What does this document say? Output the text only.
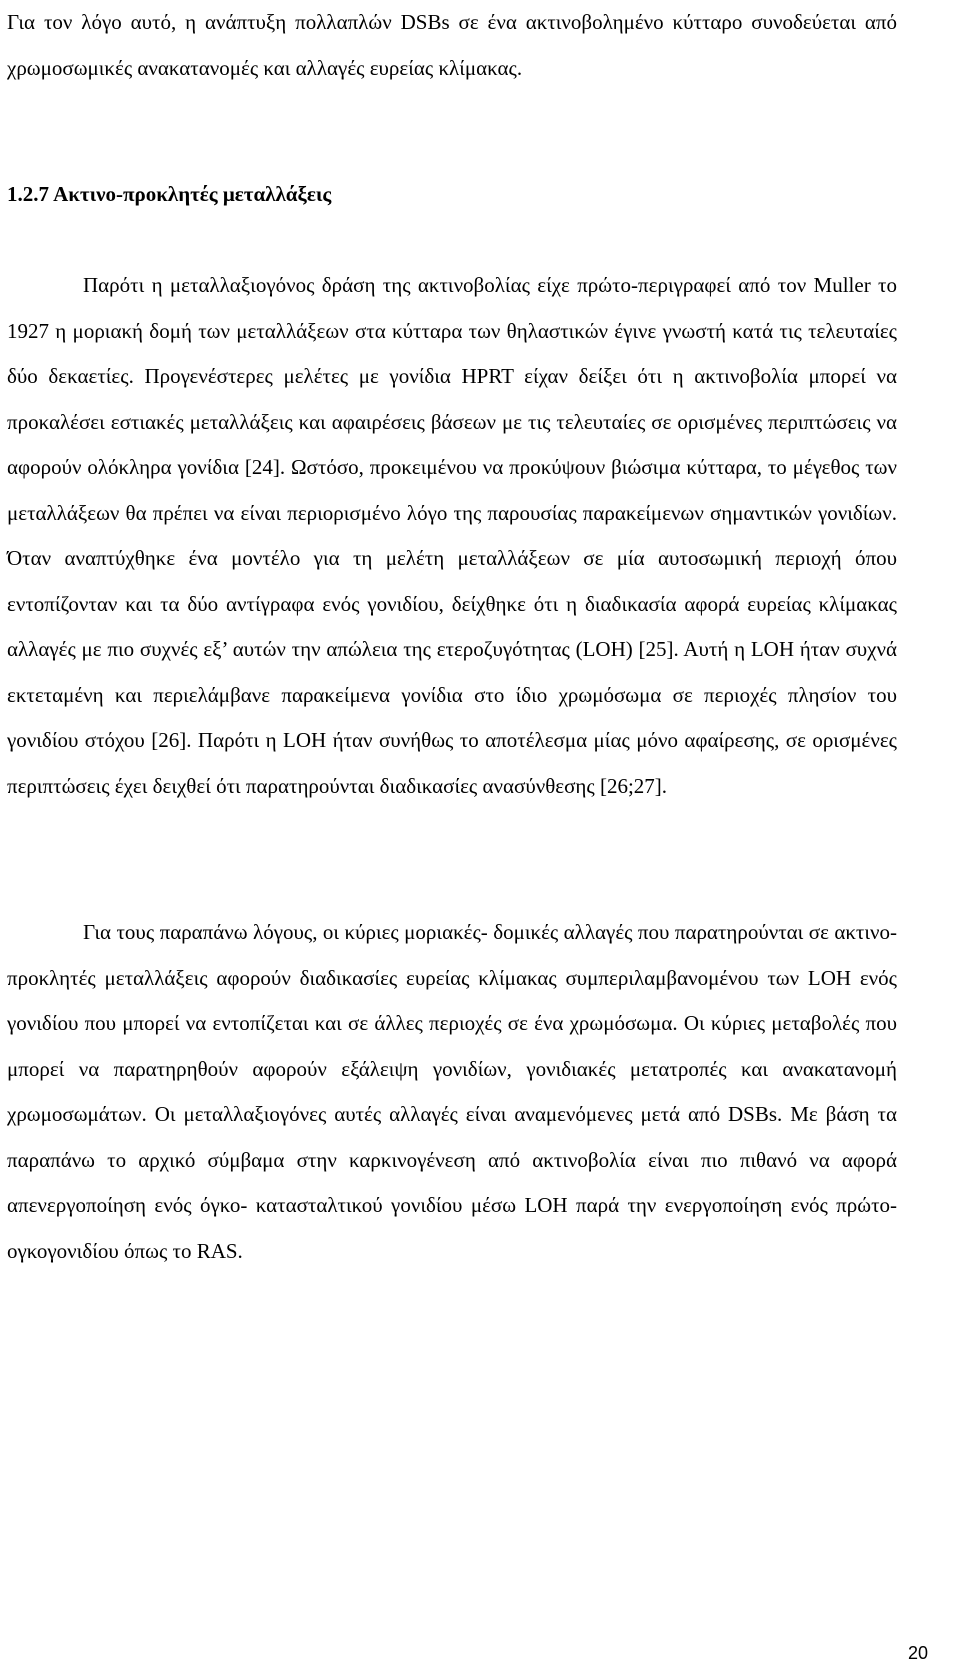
Για τον λόγο αυτό, η ανάπτυξη πολλαπλών DSBs σε ένα ακτινοβολημένο κύτταρο συνοδεύεται από χρωμοσωμικές ανακατανομές και αλλαγές ευρείας κλίμακας.

1.2.7 Ακτινο-προκλητές μεταλλάξεις

Παρότι η μεταλλαξιογόνος δράση της ακτινοβολίας είχε πρώτο-περιγραφεί από τον Muller το 1927 η μοριακή δομή των μεταλλάξεων στα κύτταρα των θηλαστικών έγινε γνωστή κατά τις τελευταίες δύο δεκαετίες. Προγενέστερες μελέτες με γονίδια HPRT είχαν δείξει ότι η ακτινοβολία μπορεί να προκαλέσει εστιακές μεταλλάξεις και αφαιρέσεις βάσεων με τις τελευταίες σε ορισμένες περιπτώσεις να αφορούν ολόκληρα γονίδια [24]. Ωστόσο, προκειμένου να προκύψουν βιώσιμα κύτταρα, το μέγεθος των μεταλλάξεων θα πρέπει να είναι περιορισμένο λόγο της παρουσίας παρακείμενων σημαντικών γονιδίων. Όταν αναπτύχθηκε ένα μοντέλο για τη μελέτη μεταλλάξεων σε μία αυτοσωμική περιοχή όπου εντοπίζονταν και τα δύο αντίγραφα ενός γονιδίου, δείχθηκε ότι η διαδικασία αφορά ευρείας κλίμακας αλλαγές με πιο συχνές εξ’ αυτών την απώλεια της ετεροζυγότητας (LOH) [25]. Αυτή η LOH ήταν συχνά εκτεταμένη και περιελάμβανε παρακείμενα γονίδια στο ίδιο χρωμόσωμα σε περιοχές πλησίον του γονιδίου στόχου [26]. Παρότι η LOH ήταν συνήθως το αποτέλεσμα μίας μόνο αφαίρεσης, σε ορισμένες περιπτώσεις έχει δειχθεί ότι παρατηρούνται διαδικασίες ανασύνθεσης [26;27].

Για τους παραπάνω λόγους, οι κύριες μοριακές- δομικές αλλαγές που παρατηρούνται σε ακτινο-προκλητές μεταλλάξεις αφορούν διαδικασίες ευρείας κλίμακας συμπεριλαμβανομένου των LOH ενός γονιδίου που μπορεί να εντοπίζεται και σε άλλες περιοχές σε ένα χρωμόσωμα. Οι κύριες μεταβολές που μπορεί να παρατηρηθούν αφορούν εξάλειψη γονιδίων, γονιδιακές μετατροπές και ανακατανομή χρωμοσωμάτων. Οι μεταλλαξιογόνες αυτές αλλαγές είναι αναμενόμενες μετά από DSBs. Με βάση τα παραπάνω το αρχικό σύμβαμα στην καρκινογένεση από ακτινοβολία είναι πιο πιθανό να αφορά απενεργοποίηση ενός όγκο- κατασταλτικού γονιδίου μέσω LOH παρά την ενεργοποίηση ενός πρώτο-ογκογονιδίου όπως το RAS.

20
